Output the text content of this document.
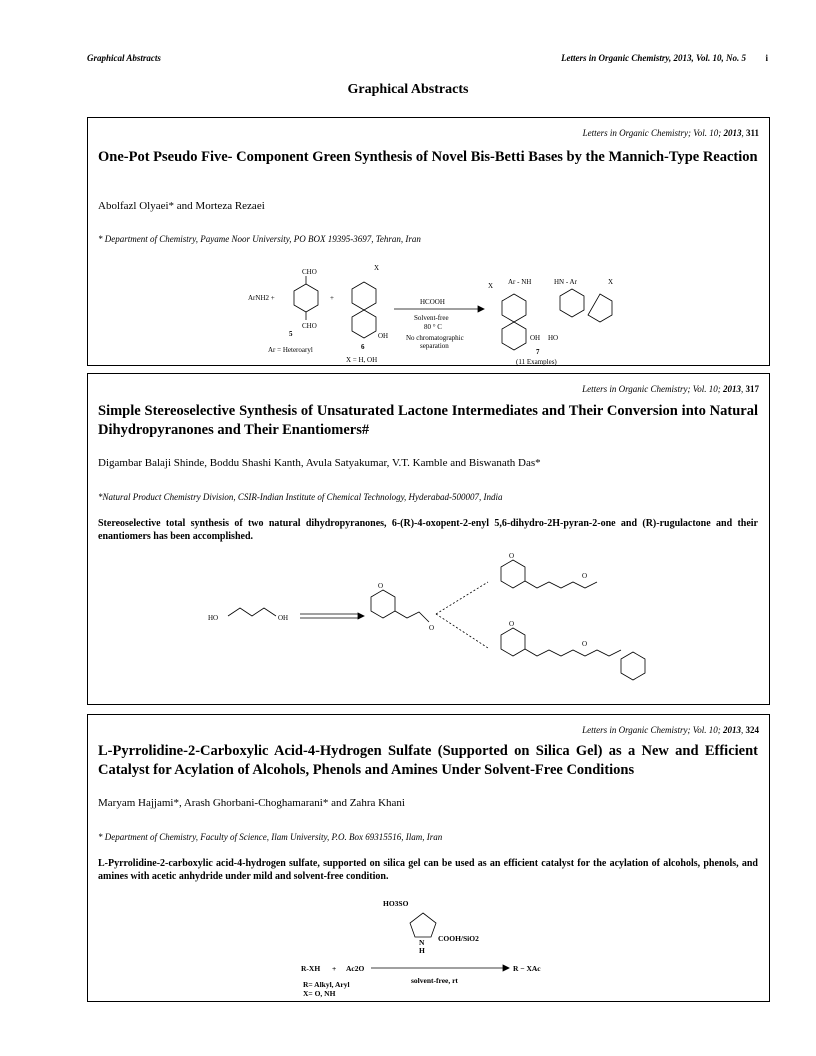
Graphical Abstracts	Letters in Organic Chemistry, 2013, Vol. 10, No. 5 i
Graphical Abstracts
Letters in Organic Chemistry; Vol. 10; 2013, 311
One-Pot Pseudo Five- Component Green Synthesis of Novel Bis-Betti Bases by the Mannich-Type Reaction
Abolfazl Olyaei* and Morteza Rezaei
* Department of Chemistry, Payame Noor University, PO BOX 19395-3697, Tehran, Iran
ArNH2 +
CHO
CHO
5
Ar = Heteroaryl
+
X
OH
6
X = H, OH
HCOOH
Solvent-free
80 ° C
No chromatographic
separation
X Ar - NH	HN - Ar	X
OH HO
7
(11 Examples)
Letters in Organic Chemistry; Vol. 10; 2013, 317
Simple Stereoselective Synthesis of Unsaturated Lactone Intermediates and Their Conversion into Natural Dihydropyranones and Their Enantiomers#
Digambar Balaji Shinde, Boddu Shashi Kanth, Avula Satyakumar, V.T. Kamble and Biswanath Das*
*Natural Product Chemistry Division, CSIR-Indian Institute of Chemical Technology, Hyderabad-500007, India
Stereoselective total synthesis of two natural dihydropyranones, 6-(R)-4-oxopent-2-enyl 5,6-dihydro-2H-pyran-2-one and (R)-rugulactone and their enantiomers has been accomplished.
HO	OH
O
O
O
O
O
O
Letters in Organic Chemistry; Vol. 10; 2013, 324
L-Pyrrolidine-2-Carboxylic Acid-4-Hydrogen Sulfate (Supported on Silica Gel) as a New and Efficient Catalyst for Acylation of Alcohols, Phenols and Amines Under Solvent-Free Conditions
Maryam Hajjami*, Arash Ghorbani-Choghamarani* and Zahra Khani
* Department of Chemistry, Faculty of Science, Ilam University, P.O. Box 69315516, Ilam, Iran
L-Pyrrolidine-2-carboxylic acid-4-hydrogen sulfate, supported on silica gel can be used as an efficient catalyst for the acylation of alcohols, phenols, and amines with acetic anhydride under mild and solvent-free condition.
HO3SO
N
H
COOH/SiO2
R-XH + Ac2O
solvent-free, rt
R − XAc
R= Alkyl, Aryl
X= O, NH
